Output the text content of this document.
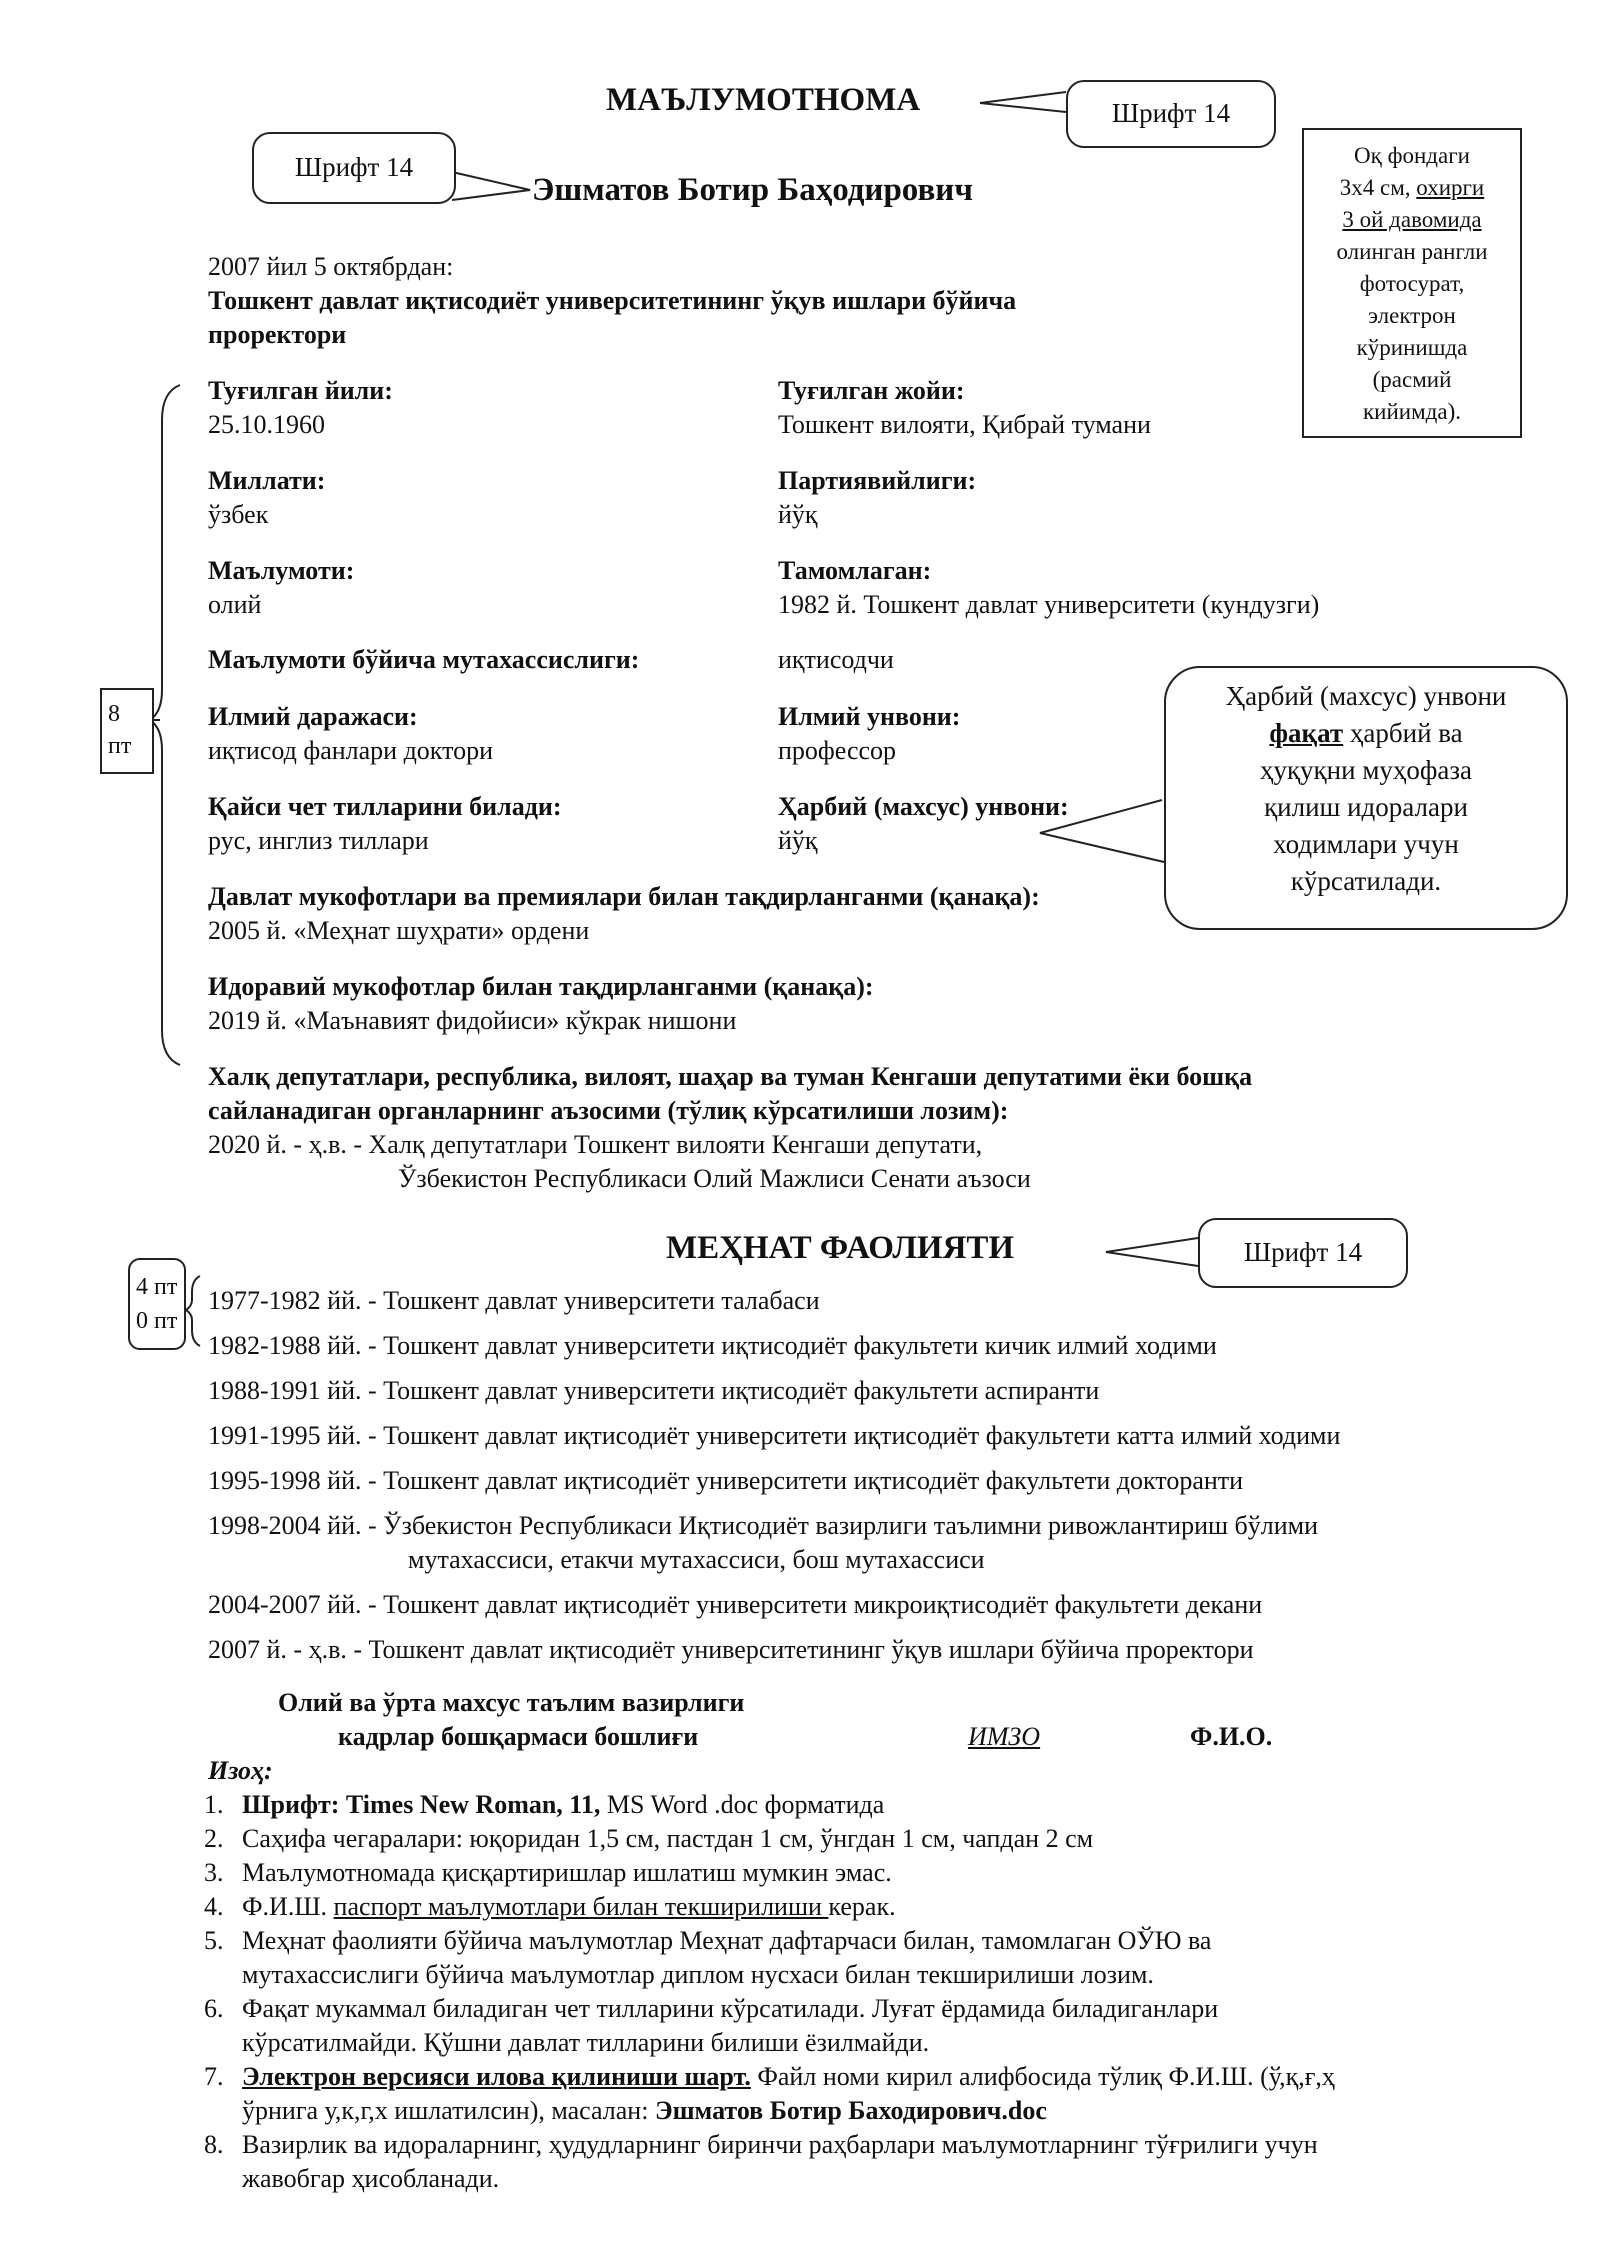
МАЪЛУМОТНОМА	Шрифт 14
Шрифт 14
Эшматов Ботир Баҳодирович
Оқ фондаги
3х4 см, охирги
3 ой давомида
олинган рангли
фотосурат,
электрон
кўринишда
(расмий
кийимда).
2007 йил 5 октябрдан:
Тошкент давлат иқтисодиёт университетининг ўқув ишлари бўйича
проректори
8
пт
Туғилган йили:
25.10.1960
Туғилган жойи:
Тошкент вилояти, Қибрай тумани
Миллати:
ўзбек
Партиявийлиги:
йўқ
Маълумоти:
олий
Тамомлаган:
1982 й. Тошкент давлат университети (кундузги)
Маълумоти бўйича мутахассислиги:	иқтисодчи
Илмий даражаси:
иқтисод фанлари доктори
Илмий унвони:
профессор
Қайси чет тилларини билади:
рус, инглиз тиллари
Ҳарбий (махсус) унвони:
йўқ
Давлат мукофотлари ва премиялари билан тақдирланганми (қанақа):
2005 й. «Меҳнат шуҳрати» ордени
Идоравий мукофотлар билан тақдирланганми (қанақа):
2019 й. «Маънавият фидойиси» кўкрак нишони
Халқ депутатлари, республика, вилоят, шаҳар ва туман Кенгаши депутатими ёки бошқа
сайланадиган органларнинг аъзосими (тўлиқ кўрсатилиши лозим):
2020 й. - ҳ.в. - Халқ депутатлари Тошкент вилояти Кенгаши депутати,
Ўзбекистон Республикаси Олий Мажлиси Сенати аъзоси
Ҳарбий (махсус) унвони
фақат ҳарбий ва
ҳуқуқни муҳофаза
қилиш идоралари
ходимлари учун
кўрсатилади.
МЕҲНАТ ФАОЛИЯТИ	Шрифт 14
4 пт
0 пт
1977-1982 йй. - Тошкент давлат университети талабаси
1982-1988 йй. - Тошкент давлат университети иқтисодиёт факультети кичик илмий ходими
1988-1991 йй. - Тошкент давлат университети иқтисодиёт факультети аспиранти
1991-1995 йй. - Тошкент давлат иқтисодиёт университети иқтисодиёт факультети катта илмий ходими
1995-1998 йй. - Тошкент давлат иқтисодиёт университети иқтисодиёт факультети докторанти
1998-2004 йй. - Ўзбекистон Республикаси Иқтисодиёт вазирлиги таълимни ривожлантириш бўлими
мутахассиси, етакчи мутахассиси, бош мутахассиси
2004-2007 йй. - Тошкент давлат иқтисодиёт университети микроиқтисодиёт факультети декани
2007 й. - ҳ.в. - Тошкент давлат иқтисодиёт университетининг ўқув ишлари бўйича проректори
Олий ва ўрта махсус таълим вазирлиги
кадрлар бошқармаси бошлиғи	ИМЗО	Ф.И.О.
Изоҳ:
1. Шрифт: Times New Roman, 11, MS Word .doc форматида
2. Саҳифа чегаралари: юқоридан 1,5 см, пастдан 1 см, ўнгдан 1 см, чапдан 2 см
3. Маълумотномада қисқартиришлар ишлатиш мумкин эмас.
4. Ф.И.Ш. паспорт маълумотлари билан текширилиши керак.
5. Меҳнат фаолияти бўйича маълумотлар Меҳнат дафтарчаси билан, тамомлаган ОЎЮ ва
мутахассислиги бўйича маълумотлар диплом нусхаси билан текширилиши лозим.
6. Фақат мукаммал биладиган чет тилларини кўрсатилади. Луғат ёрдамида биладиганлари
кўрсатилмайди. Қўшни давлат тилларини билиши ёзилмайди.
7. Электрон версияси илова қилиниши шарт. Файл номи кирил алифбосида тўлиқ Ф.И.Ш. (ў,қ,ғ,ҳ
ўрнига у,к,г,х ишлатилсин), масалан: Эшматов Ботир Баходирович.doc
8. Вазирлик ва идораларнинг, ҳудудларнинг биринчи раҳбарлари маълумотларнинг тўғрилиги учун
жавобгар ҳисобланади.
